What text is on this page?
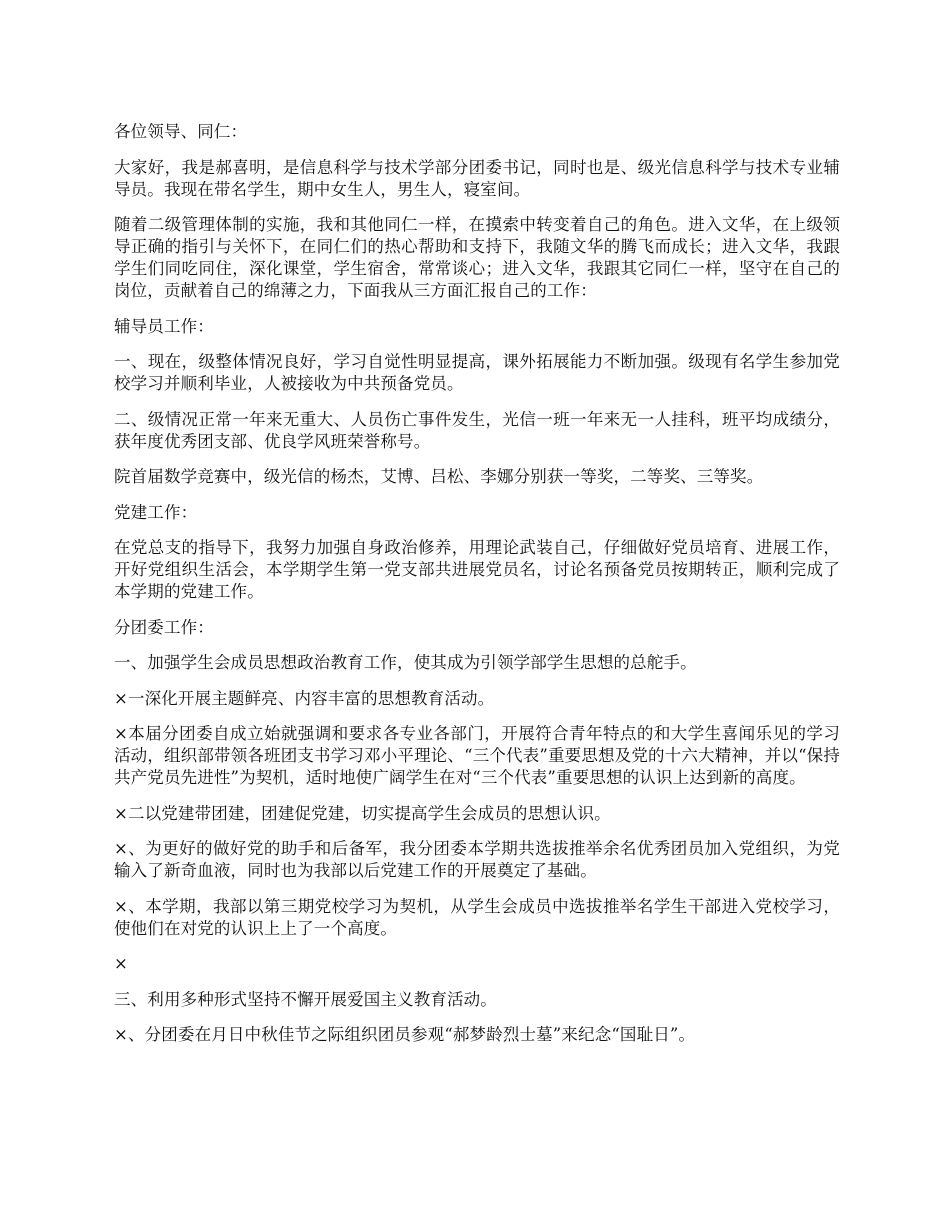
各位领导、同仁：

大家好，我是郝喜明，是信息科学与技术学部分团委书记，同时也是、级光信息科学与技术专业辅导员。我现在带名学生，期中女生人，男生人，寝室间。

随着二级管理体制的实施，我和其他同仁一样，在摸索中转变着自己的角色。进入文华，在上级领导正确的指引与关怀下，在同仁们的热心帮助和支持下，我随文华的腾飞而成长；进入文华，我跟学生们同吃同住，深化课堂，学生宿舍，常常谈心；进入文华，我跟其它同仁一样，坚守在自己的岗位，贡献着自己的绵薄之力，下面我从三方面汇报自己的工作：

辅导员工作：

一、现在，级整体情况良好，学习自觉性明显提高，课外拓展能力不断加强。级现有名学生参加党校学习并顺利毕业，人被接收为中共预备党员。

二、级情况正常一年来无重大、人员伤亡事件发生，光信一班一年来无一人挂科，班平均成绩分，获年度优秀团支部、优良学风班荣誉称号。

院首届数学竞赛中，级光信的杨杰，艾博、吕松、李娜分别获一等奖，二等奖、三等奖。

党建工作：

在党总支的指导下，我努力加强自身政治修养，用理论武装自己，仔细做好党员培育、进展工作，开好党组织生活会，本学期学生第一党支部共进展党员名，讨论名预备党员按期转正，顺利完成了本学期的党建工作。

分团委工作：

一、加强学生会成员思想政治教育工作，使其成为引领学部学生思想的总舵手。

×一深化开展主题鲜亮、内容丰富的思想教育活动。

×本届分团委自成立始就强调和要求各专业各部门，开展符合青年特点的和大学生喜闻乐见的学习活动，组织部带领各班团支书学习邓小平理论、“三个代表”重要思想及党的十六大精神，并以“保持共产党员先进性”为契机，适时地使广阔学生在对“三个代表”重要思想的认识上达到新的高度。

×二以党建带团建，团建促党建，切实提高学生会成员的思想认识。

×、为更好的做好党的助手和后备军，我分团委本学期共选拔推举余名优秀团员加入党组织，为党输入了新奇血液，同时也为我部以后党建工作的开展奠定了基础。

×、本学期，我部以第三期党校学习为契机，从学生会成员中选拔推举名学生干部进入党校学习，使他们在对党的认识上上了一个高度。

×

三、利用多种形式坚持不懈开展爱国主义教育活动。

×、分团委在月日中秋佳节之际组织团员参观“郝梦龄烈士墓”来纪念“国耻日”。
